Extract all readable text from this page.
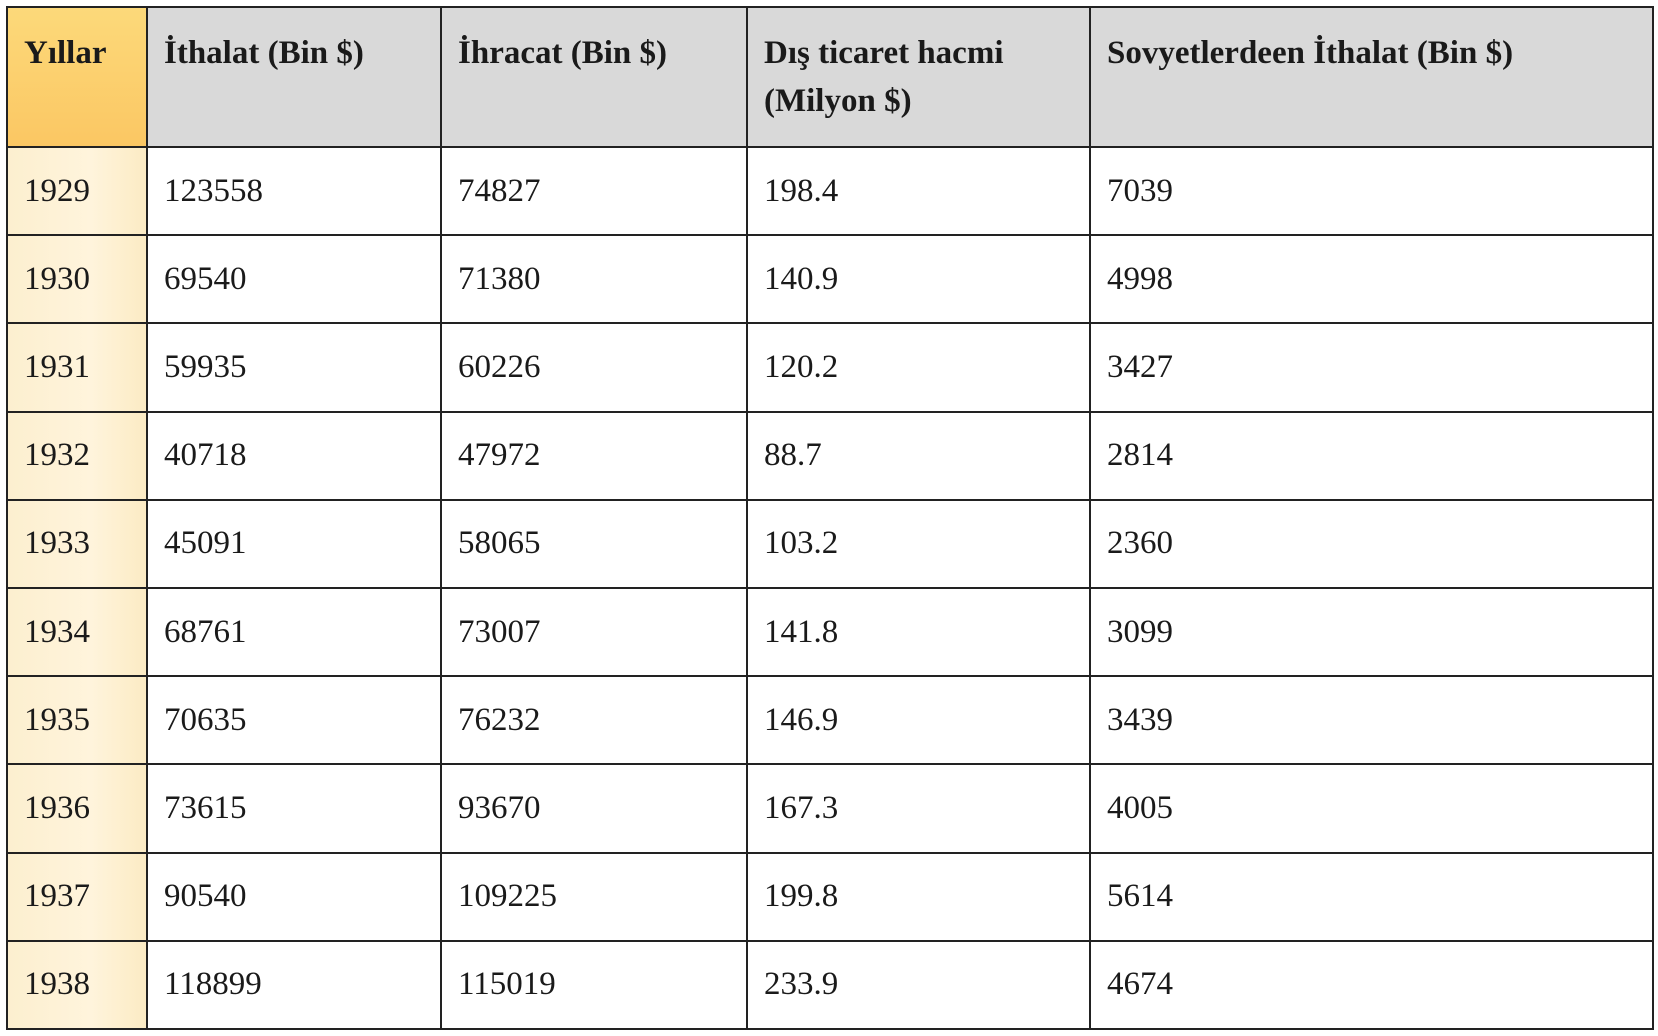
Yıllar	İthalat (Bin $)	İhracat (Bin $)	Dış ticaret hacmi (Milyon $)	Sovyetlerdeen İthalat (Bin $)
1929	123558	74827	198.4	7039
1930	69540	71380	140.9	4998
1931	59935	60226	120.2	3427
1932	40718	47972	88.7	2814
1933	45091	58065	103.2	2360
1934	68761	73007	141.8	3099
1935	70635	76232	146.9	3439
1936	73615	93670	167.3	4005
1937	90540	109225	199.8	5614
1938	118899	115019	233.9	4674
